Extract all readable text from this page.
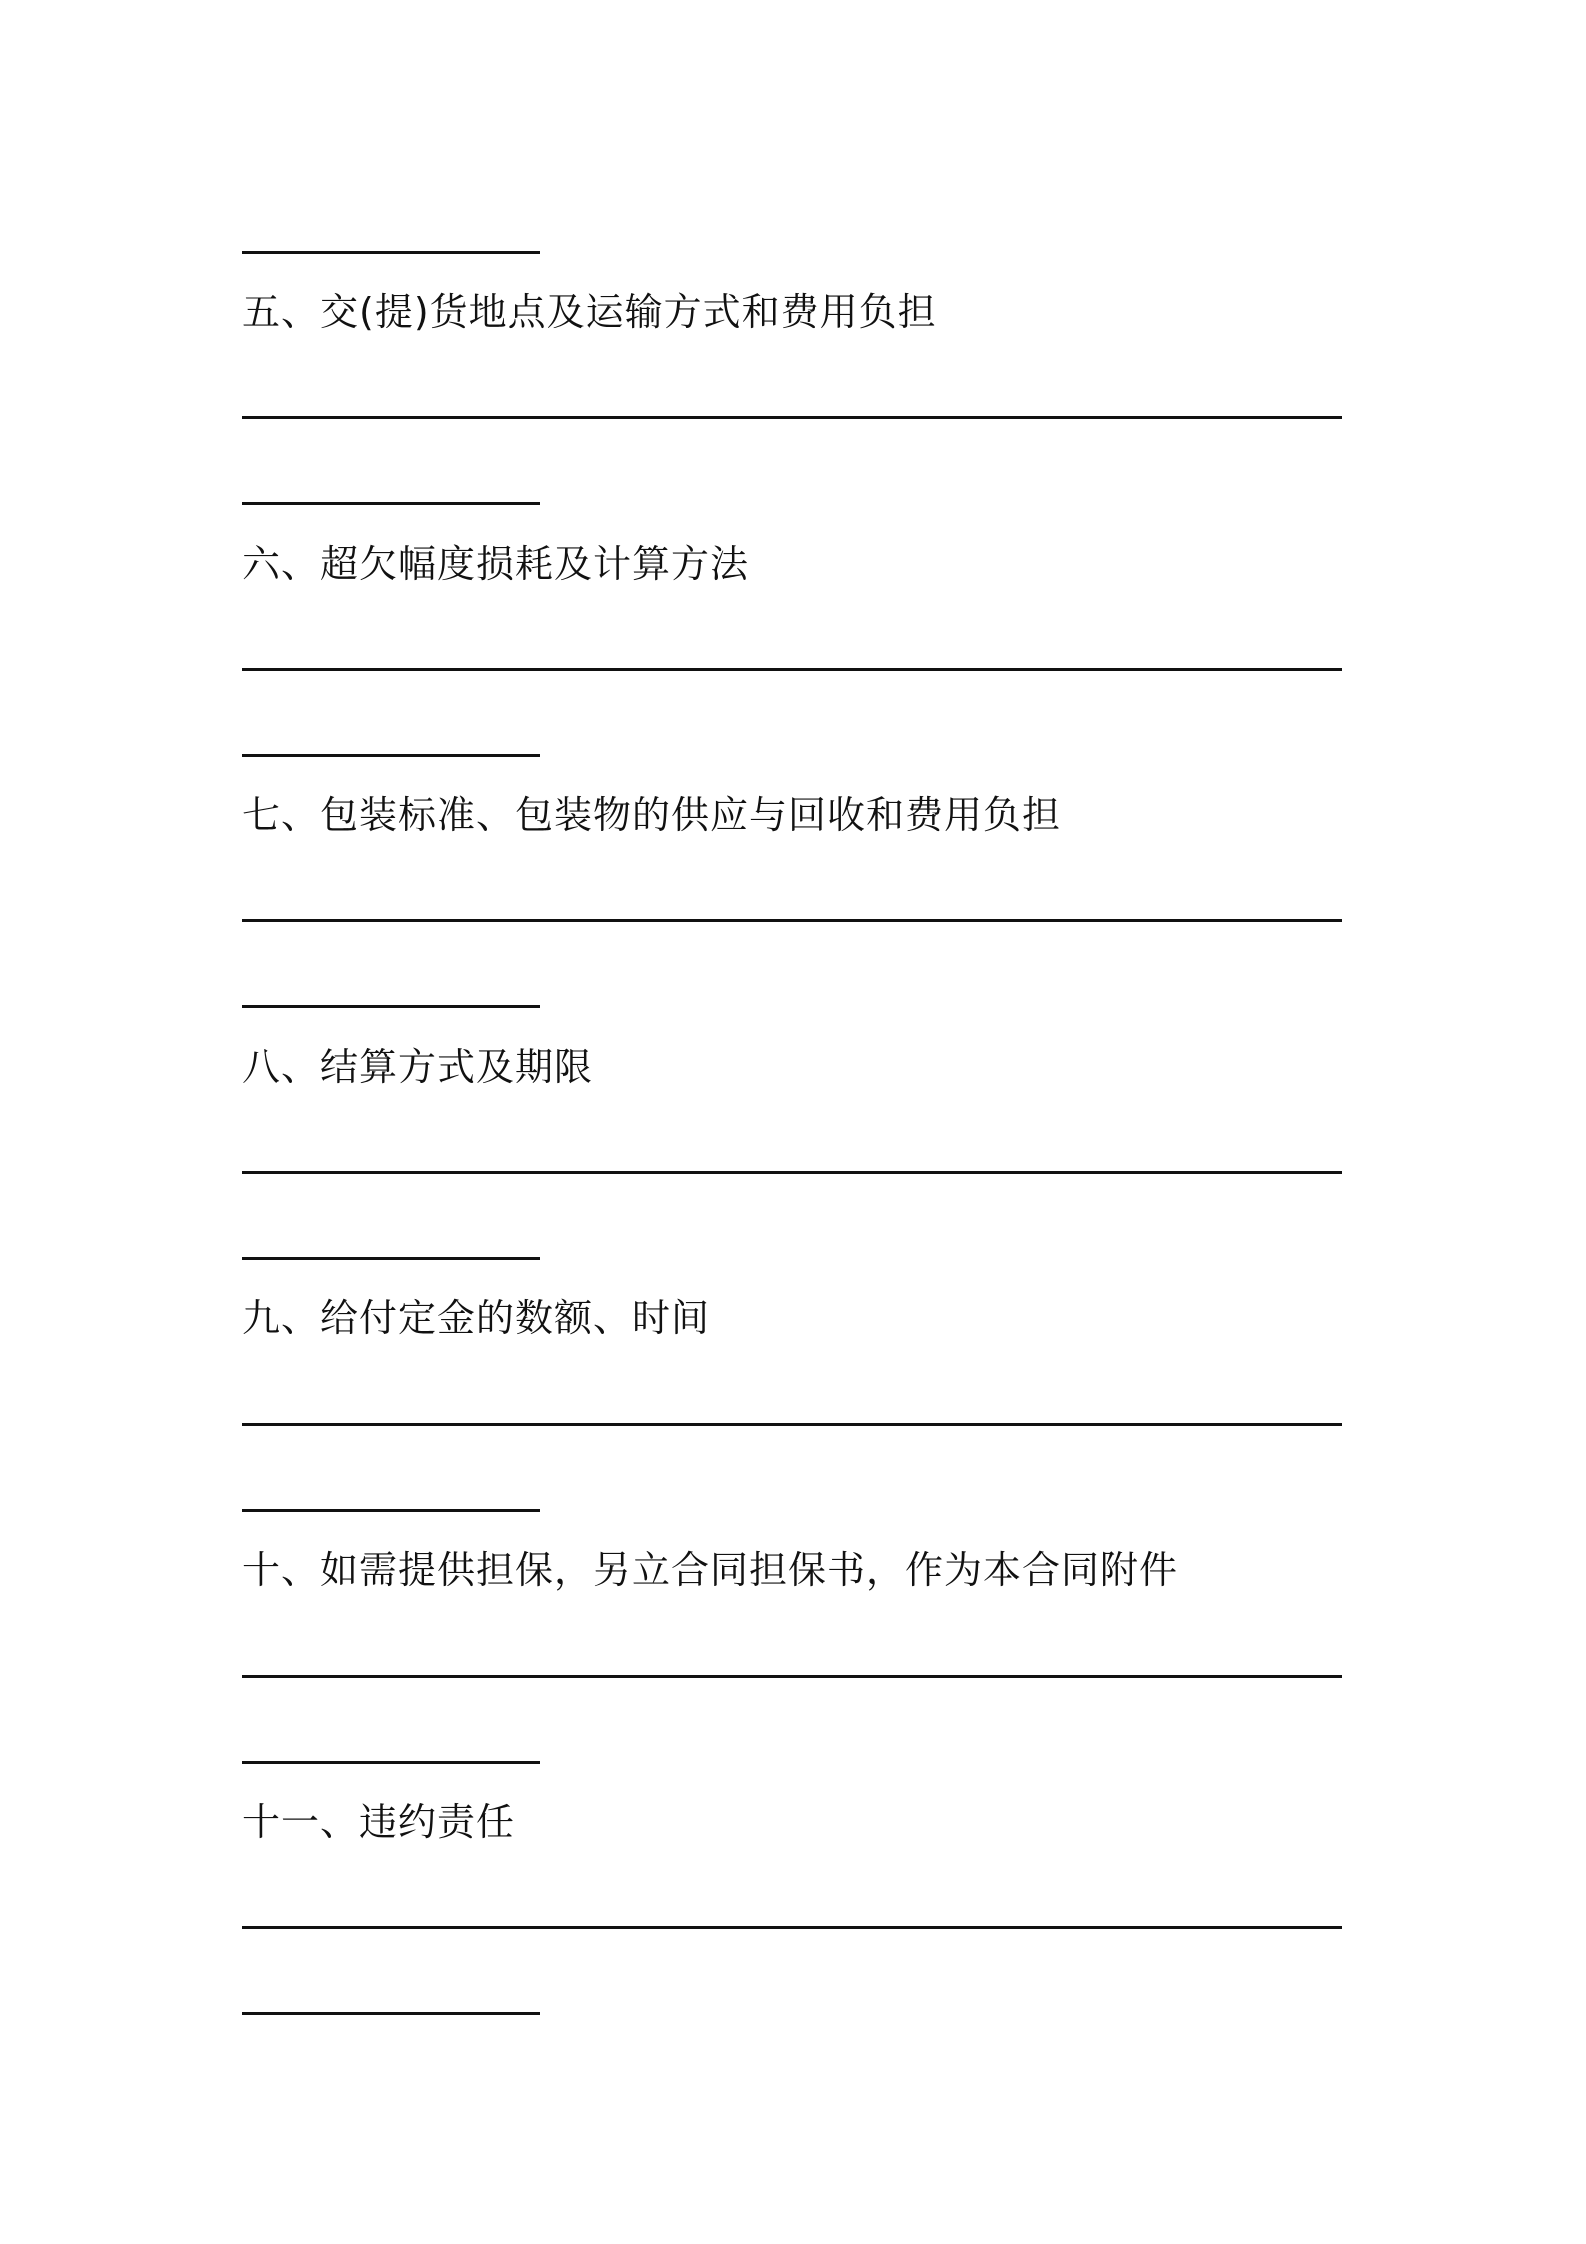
五、交(提)货地点及运输方式和费用负担
六、超欠幅度损耗及计算方法
七、包装标准、包装物的供应与回收和费用负担
八、结算方式及期限
九、给付定金的数额、时间
十、如需提供担保，另立合同担保书，作为本合同附件
十一、违约责任
